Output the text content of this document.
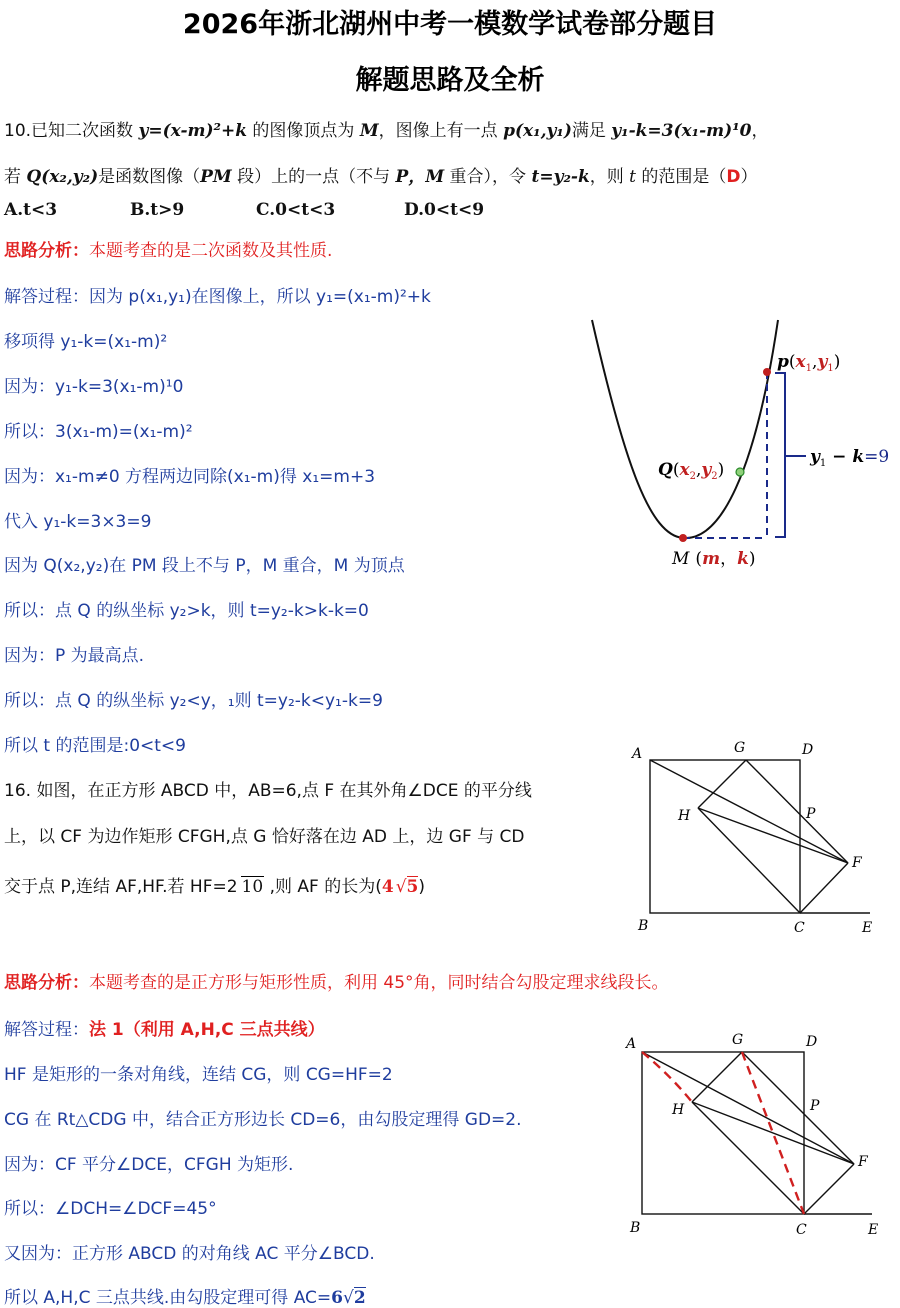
2026年浙北湖州中考一模数学试卷部分题目
解题思路及全析
10.已知二次函数 y=(x-m)²+k 的图像顶点为 M，图像上有一点 p(x₁,y₁)满足 y₁-k=3(x₁-m)¹0，
若 Q(x₂,y₂)是函数图像（PM 段）上的一点（不与 P，M 重合），令 t=y₂-k，则 t 的范围是（D）
A.t<3	B.t>9	C.0<t<3	D.0<t<9
思路分析：本题考查的是二次函数及其性质.
解答过程：因为 p(x₁,y₁)在图像上，所以 y₁=(x₁-m)²+k
移项得 y₁-k=(x₁-m)²
因为：y₁-k=3(x₁-m)¹0
所以：3(x₁-m)=(x₁-m)²
因为：x₁-m≠0 方程两边同除(x₁-m)得 x₁=m+3
代入 y₁-k=3×3=9
因为 Q(x₂,y₂)在 PM 段上不与 P，M 重合，M 为顶点
所以：点 Q 的纵坐标 y₂>k，则 t=y₂-k>k-k=0
因为：P 为最高点.
所以：点 Q 的纵坐标 y₂<y，₁则 t=y₂-k<y₁-k=9
所以 t 的范围是:0<t<9
$p(x_1,y_1)$
$Q(x_2,y_2)$
M (m，k)
$y_1 - k=9$
16. 如图，在正方形 ABCD 中，AB=6,点 F 在其外角∠DCE 的平分线
上，以 CF 为边作矩形 CFGH,点 G 恰好落在边 AD 上，边 GF 与 CD
交于点 P,连结 AF,HF.若 HF=2 10 ,则 AF 的长为(4 √5)
A	G	D
P
H
F
B	C	E
思路分析：本题考查的是正方形与矩形性质，利用 45°角，同时结合勾股定理求线段长。
解答过程：法 1（利用 A,H,C 三点共线）
HF 是矩形的一条对角线，连结 CG，则 CG=HF=2
CG 在 Rt△CDG 中，结合正方形边长 CD=6，由勾股定理得 GD=2.
因为：CF 平分∠DCE，CFGH 为矩形.
所以：∠DCH=∠DCF=45°
又因为：正方形 ABCD 的对角线 AC 平分∠BCD.
所以 A,H,C 三点共线.由勾股定理可得 AC=6√2
A	G	D
P
H
F
B	C	E
